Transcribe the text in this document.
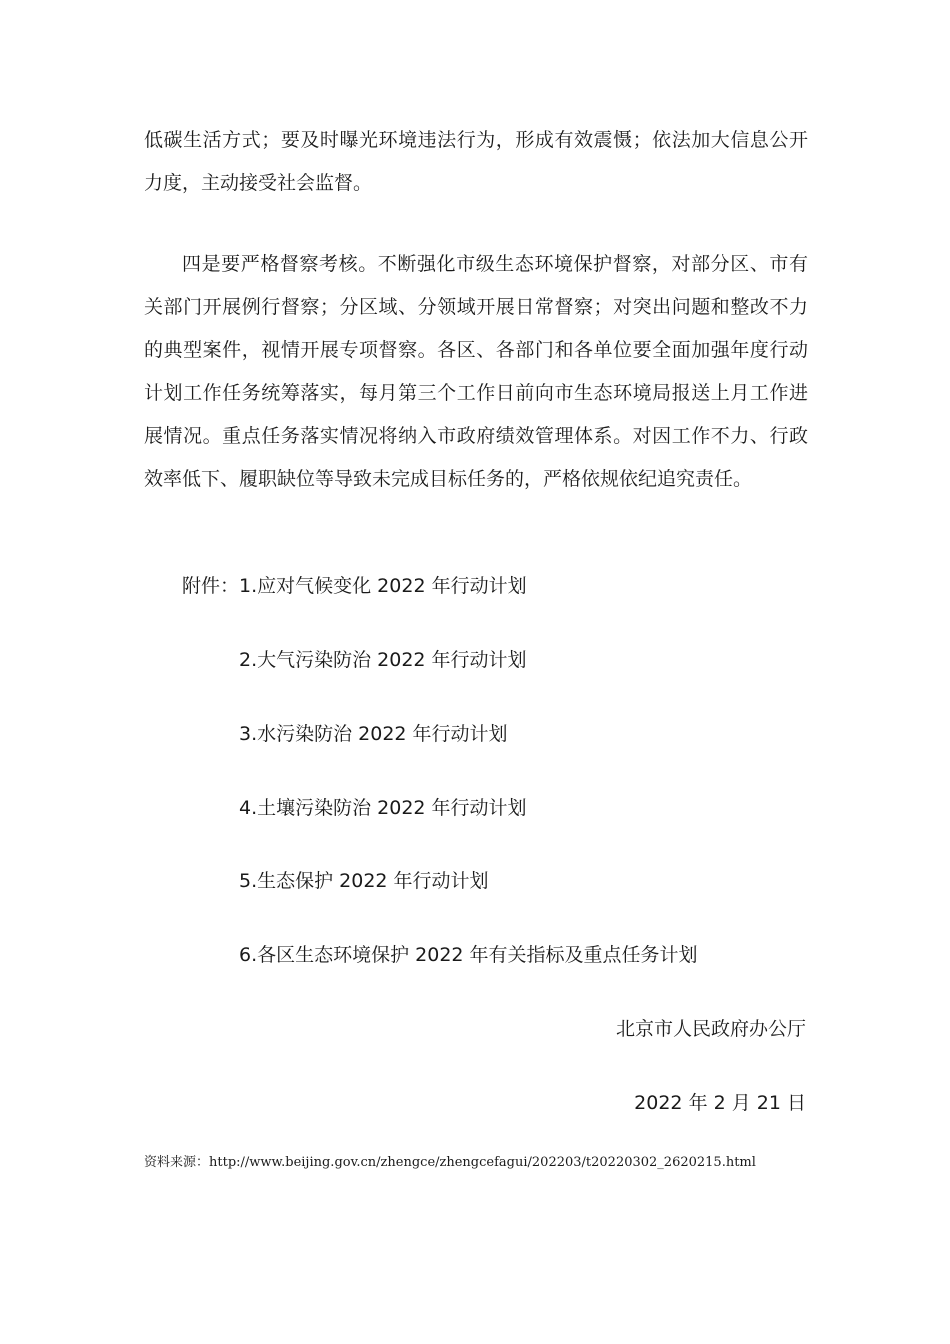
低碳生活方式；要及时曝光环境违法行为，形成有效震慑；依法加大信息公开力度，主动接受社会监督。

四是要严格督察考核。不断强化市级生态环境保护督察，对部分区、市有关部门开展例行督察；分区域、分领域开展日常督察；对突出问题和整改不力的典型案件，视情开展专项督察。各区、各部门和各单位要全面加强年度行动计划工作任务统筹落实，每月第三个工作日前向市生态环境局报送上月工作进展情况。重点任务落实情况将纳入市政府绩效管理体系。对因工作不力、行政效率低下、履职缺位等导致未完成目标任务的，严格依规依纪追究责任。

附件：1.应对气候变化 2022 年行动计划

2.大气污染防治 2022 年行动计划

3.水污染防治 2022 年行动计划

4.土壤污染防治 2022 年行动计划

5.生态保护 2022 年行动计划

6.各区生态环境保护 2022 年有关指标及重点任务计划

北京市人民政府办公厅

2022 年 2 月 21 日

资料来源：http://www.beijing.gov.cn/zhengce/zhengcefagui/202203/t20220302_2620215.html
